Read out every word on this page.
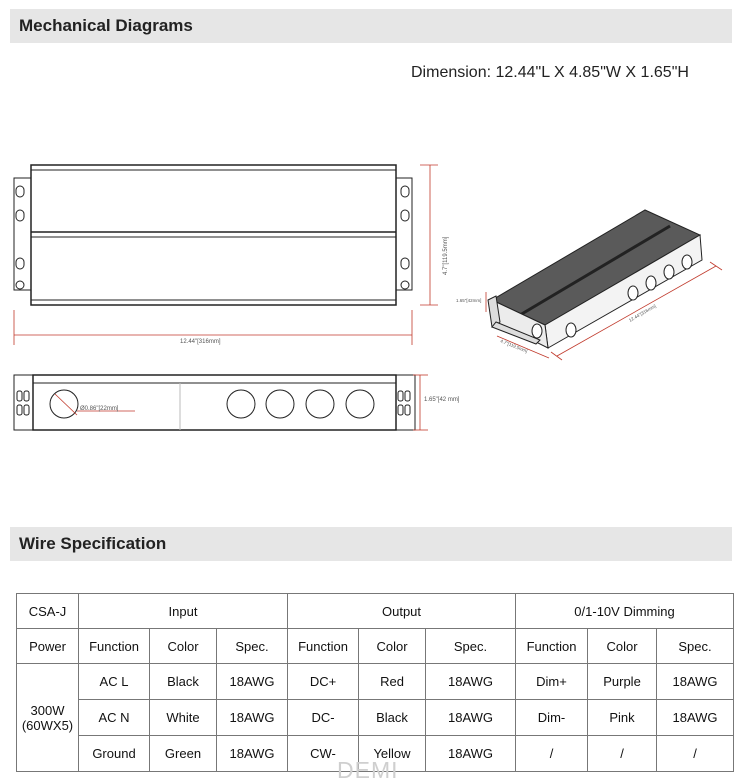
Mechanical Diagrams
Dimension: 12.44"L X 4.85"W X 1.65"H
12.44"[316mm]
4.7"[119.5mm]
Ø0.86"[22mm]
1.65"[42 mm]
1.65"[42mm]
4.7"[119.5mm]
12.44"[316mm]
Wire Specification
CSA-J	Input			Output			0/1-10V Dimming		
Power	Function	Color	Spec.	Function	Color	Spec.	Function	Color	Spec.
300W
(60WX5)	AC L	Black	18AWG	DC+	Red	18AWG	Dim+	Purple	18AWG
	AC N	White	18AWG	DC-	Black	18AWG	Dim-	Pink	18AWG
	Ground	Green	18AWG	CW-	Yellow	18AWG	/	/	/
DEMI
